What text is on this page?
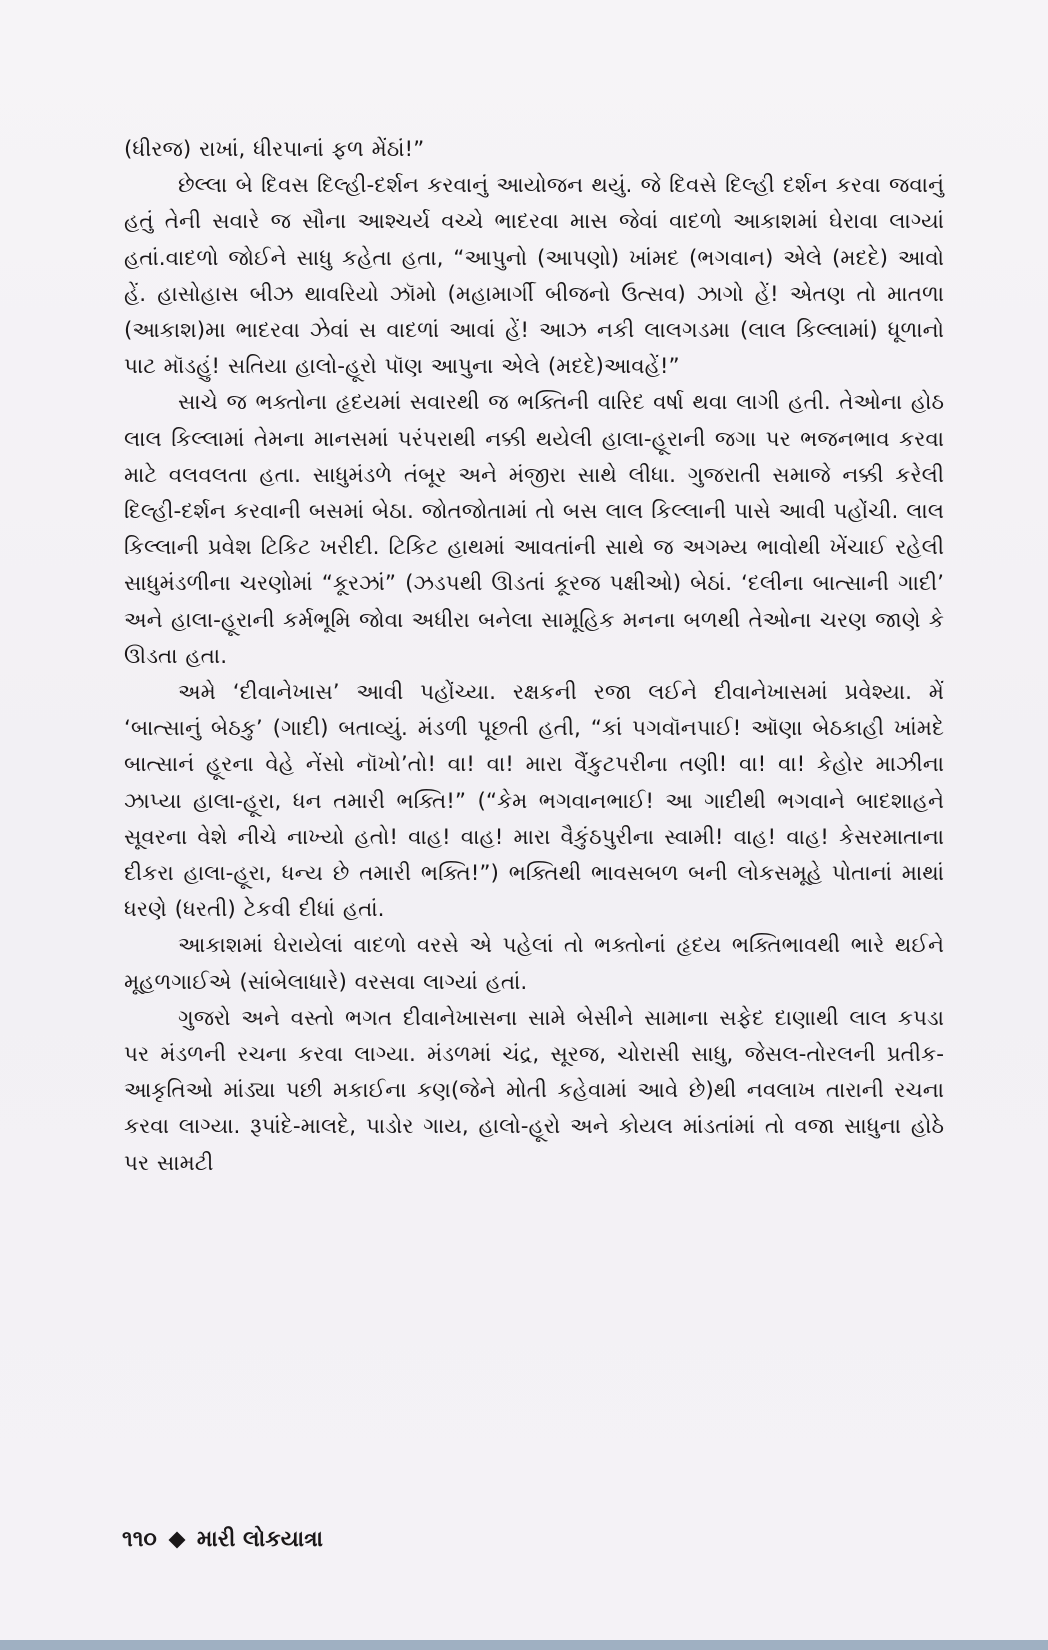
(ધીરજ) રાખાં, ધીરપાનાં ફળ મેંઠાં!”

છેલ્લા બે દિવસ દિલ્હી-દર્શન કરવાનું આયોજન થયું. જે દિવસે દિલ્હી દર્શન કરવા જવાનું હતું તેની સવારે જ સૌના આશ્ચર્ય વચ્ચે ભાદરવા માસ જેવાં વાદળો આકાશમાં ઘેરાવા લાગ્યાં હતાં.વાદળો જોઈને સાધુ કહેતા હતા, “આપુનો (આપણો) ખાંમદ (ભગવાન) એલે (મદદે) આવો હેં. હાસોહાસ બીઝ થાવરિયો ઝૉમો (મહામાર્ગી બીજનો ઉત્સવ) ઝાગો હેં! એતણ તો માતળા (આકાશ)મા ભાદરવા ઝેવાં સ વાદળાં આવાં હેં! આઝ નકી લાલગડમા (લાલ કિલ્લામાં) ધૂળાનો પાટ મૉડહું! સતિયા હાલો-હૂરો પૉણ આપુના એલે (મદદે)આવહેં!”

સાચે જ ભક્તોના હૃદયમાં સવારથી જ ભક્તિની વારિદ વર્ષા થવા લાગી હતી. તેઓના હોઠ લાલ કિલ્લામાં તેમના માનસમાં પરંપરાથી નક્કી થયેલી હાલા-હૂરાની જગા પર ભજનભાવ કરવા માટે વલવલતા હતા. સાધુમંડળે તંબૂર અને મંજીરા સાથે લીધા. ગુજરાતી સમાજે નક્કી કરેલી દિલ્હી-દર્શન કરવાની બસમાં બેઠા. જોતજોતામાં તો બસ લાલ કિલ્લાની પાસે આવી પહોંચી. લાલ કિલ્લાની પ્રવેશ ટિકિટ ખરીદી. ટિકિટ હાથમાં આવતાંની સાથે જ અગમ્ય ભાવોથી ખેંચાઈ રહેલી સાધુમંડળીના ચરણોમાં “કૂરઝાં” (ઝડપથી ઊડતાં કૂરજ પક્ષીઓ) બેઠાં. ‘દલીના બાત્સાની ગાદી’ અને હાલા-હૂરાની કર્મભૂમિ જોવા અધીરા બનેલા સામૂહિક મનના બળથી તેઓના ચરણ જાણે કે ઊડતા હતા.

અમે ‘દીવાનેખાસ’ આવી પહોંચ્યા. રક્ષકની રજા લઈને દીવાનેખાસમાં પ્રવેશ્યા. મેં ‘બાત્સાનું બેઠકુ’ (ગાદી) બતાવ્યું. મંડળી પૂછતી હતી, “કાં પગવૉનપાઈ! ઑણા બેઠકાહી ખાંમદે બાત્સાનં હૂરના વેહે નેંસો નૉખો’તો! વા! વા! મારા વૈંકુટપરીના તણી! વા! વા! કેહોર માઝીના ઝાપ્યા હાલા-હૂરા, ધન તમારી ભક્તિ!” (“કેમ ભગવાનભાઈ! આ ગાદીથી ભગવાને બાદશાહને સૂવરના વેશે નીચે નાખ્યો હતો! વાહ! વાહ! મારા વૈકુંઠપુરીના સ્વામી! વાહ! વાહ! કેસરમાતાના દીકરા હાલા-હૂરા, ધન્ય છે તમારી ભક્તિ!”) ભક્તિથી ભાવસબળ બની લોકસમૂહે પોતાનાં માથાં ધરણે (ધરતી) ટેકવી દીધાં હતાં.

આકાશમાં ઘેરાયેલાં વાદળો વરસે એ પહેલાં તો ભક્તોનાં હૃદય ભક્તિભાવથી ભારે થઈને મૂહળગાઈએ (સાંબેલાધારે) વરસવા લાગ્યાં હતાં.

ગુજરો અને વસ્તો ભગત દીવાનેખાસના સામે બેસીને સામાના સફેદ દાણાથી લાલ કપડા પર મંડળની રચના કરવા લાગ્યા. મંડળમાં ચંદ્ર, સૂરજ, ચોરાસી સાધુ, જેસલ-તોરલની પ્રતીક-આકૃતિઓ માંડ્યા પછી મકાઈના કણ(જેને મોતી કહેવામાં આવે છે)થી નવલાખ તારાની રચના કરવા લાગ્યા. રૂપાંદે-માલદે, પાડોર ગાય, હાલો-હૂરો અને કોયલ માંડતાંમાં તો વજા સાધુના હોઠે પર સામટી

૧૧૦ મારી લોકયાત્રા
